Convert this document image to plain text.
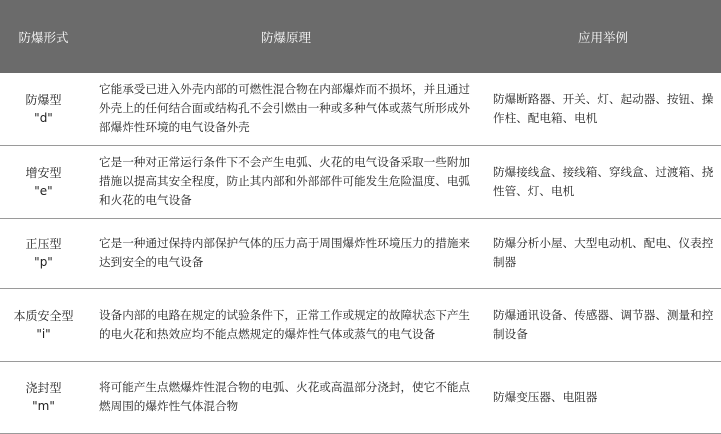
防爆形式	防爆原理	应用举例

防爆型
"d"	它能承受已进入外壳内部的可燃性混合物在内部爆炸而不损坏，并且通过外壳上的任何结合面或结构孔不会引燃由一种或多种气体或蒸气所形成外部爆炸性环境的电气设备外壳	防爆断路器、开关、灯、起动器、按钮、操作柱、配电箱、电机

增安型
"e"	它是一种对正常运行条件下不会产生电弧、火花的电气设备采取一些附加措施以提高其安全程度，防止其内部和外部部件可能发生危险温度、电弧和火花的电气设备	防爆接线盒、接线箱、穿线盒、过渡箱、挠性管、灯、电机

正压型
"p"	它是一种通过保持内部保护气体的压力高于周围爆炸性环境压力的措施来达到安全的电气设备	防爆分析小屋、大型电动机、配电、仪表控制器

本质安全型
"i"	设备内部的电路在规定的试验条件下，正常工作或规定的故障状态下产生的电火花和热效应均不能点燃规定的爆炸性气体或蒸气的电气设备	防爆通讯设备、传感器、调节器、测量和控制设备

浇封型
"m"	将可能产生点燃爆炸性混合物的电弧、火花或高温部分浇封，使它不能点燃周围的爆炸性气体混合物	防爆变压器、电阻器
